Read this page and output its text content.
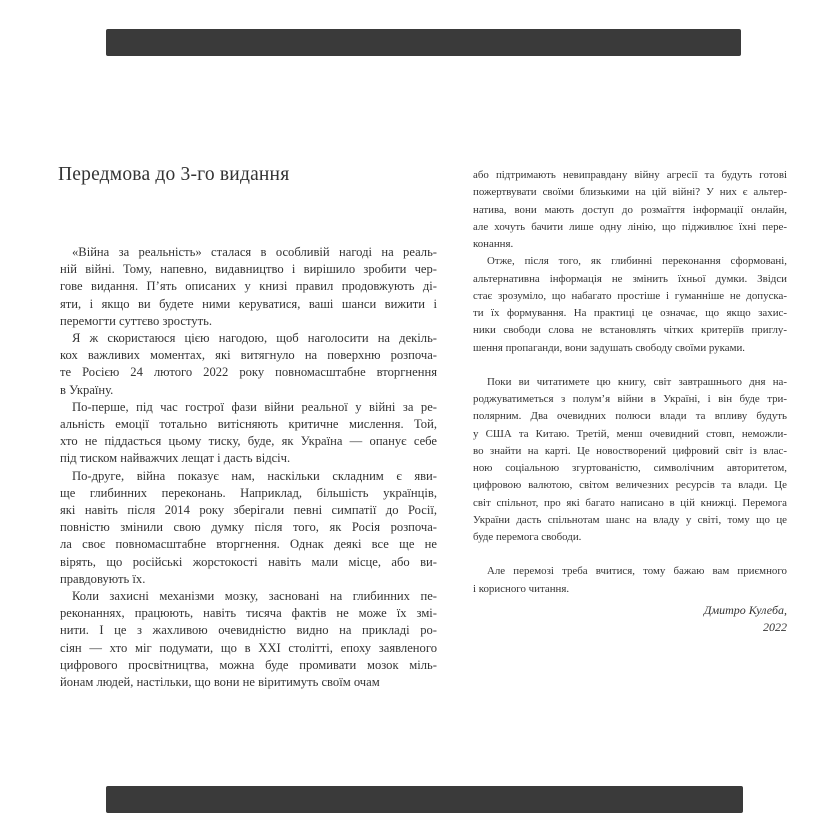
Передмова до 3-го видання
«Війна за реальність» сталася в особливій нагоді на реаль-
ній війні. Тому, напевно, видавництво і вирішило зробити чер-
гове видання. П’ять описаних у книзі правил продовжують ді-
яти, і якщо ви будете ними керуватися, ваші шанси вижити і
перемогти суттєво зростуть.
Я ж скористаюся цією нагодою, щоб наголосити на декіль-
кох важливих моментах, які витягнуло на поверхню розпоча-
те Росією 24 лютого 2022 року повномасштабне вторгнення
в Україну.
По-перше, під час гострої фази війни реальної у війні за ре-
альність емоції тотально витісняють критичне мислення. Той,
хто не піддасться цьому тиску, буде, як Україна — опанує себе
під тиском найважчих лещат і дасть відсіч.
По-друге, війна показує нам, наскільки складним є яви-
ще глибинних переконань. Наприклад, більшість українців,
які навіть після 2014 року зберігали певні симпатії до Росії,
повністю змінили свою думку після того, як Росія розпоча-
ла своє повномасштабне вторгнення. Однак деякі все ще не
вірять, що російські жорстокості навіть мали місце, або ви-
правдовують їх.
Коли захисні механізми мозку, засновані на глибинних пе-
реконаннях, працюють, навіть тисяча фактів не може їх змі-
нити. І це з жахливою очевидністю видно на прикладі ро-
сіян — хто міг подумати, що в XXI столітті, епоху заявленого
цифрового просвітництва, можна буде промивати мозок міль-
йонам людей, настільки, що вони не віритимуть своїм очам
або підтримають невиправдану війну агресії та будуть готові
пожертвувати своїми близькими на цій війні? У них є альтер-
натива, вони мають доступ до розмаїття інформації онлайн,
але хочуть бачити лише одну лінію, що підживлює їхні пере-
конання.
Отже, після того, як глибинні переконання сформовані,
альтернативна інформація не змінить їхньої думки. Звідси
стає зрозуміло, що набагато простіше і гуманніше не допуска-
ти їх формування. На практиці це означає, що якщо захис-
ники свободи слова не встановлять чітких критеріїв приглу-
шення пропаганди, вони задушать свободу своїми руками.
Поки ви читатимете цю книгу, світ завтрашнього дня на-
роджуватиметься з полум’я війни в Україні, і він буде три-
полярним. Два очевидних полюси влади та впливу будуть
у США та Китаю. Третій, менш очевидний стовп, неможли-
во знайти на карті. Це новостворений цифровий світ із влас-
ною соціальною згуртованістю, символічним авторитетом,
цифровою валютою, світом величезних ресурсів та влади. Це
світ спільнот, про які багато написано в цій книжці. Перемога
України дасть спільнотам шанс на владу у світі, тому що це
буде перемога свободи.
Але перемозі треба вчитися, тому бажаю вам приємного
і корисного читання.
Дмитро Кулеба,
2022
